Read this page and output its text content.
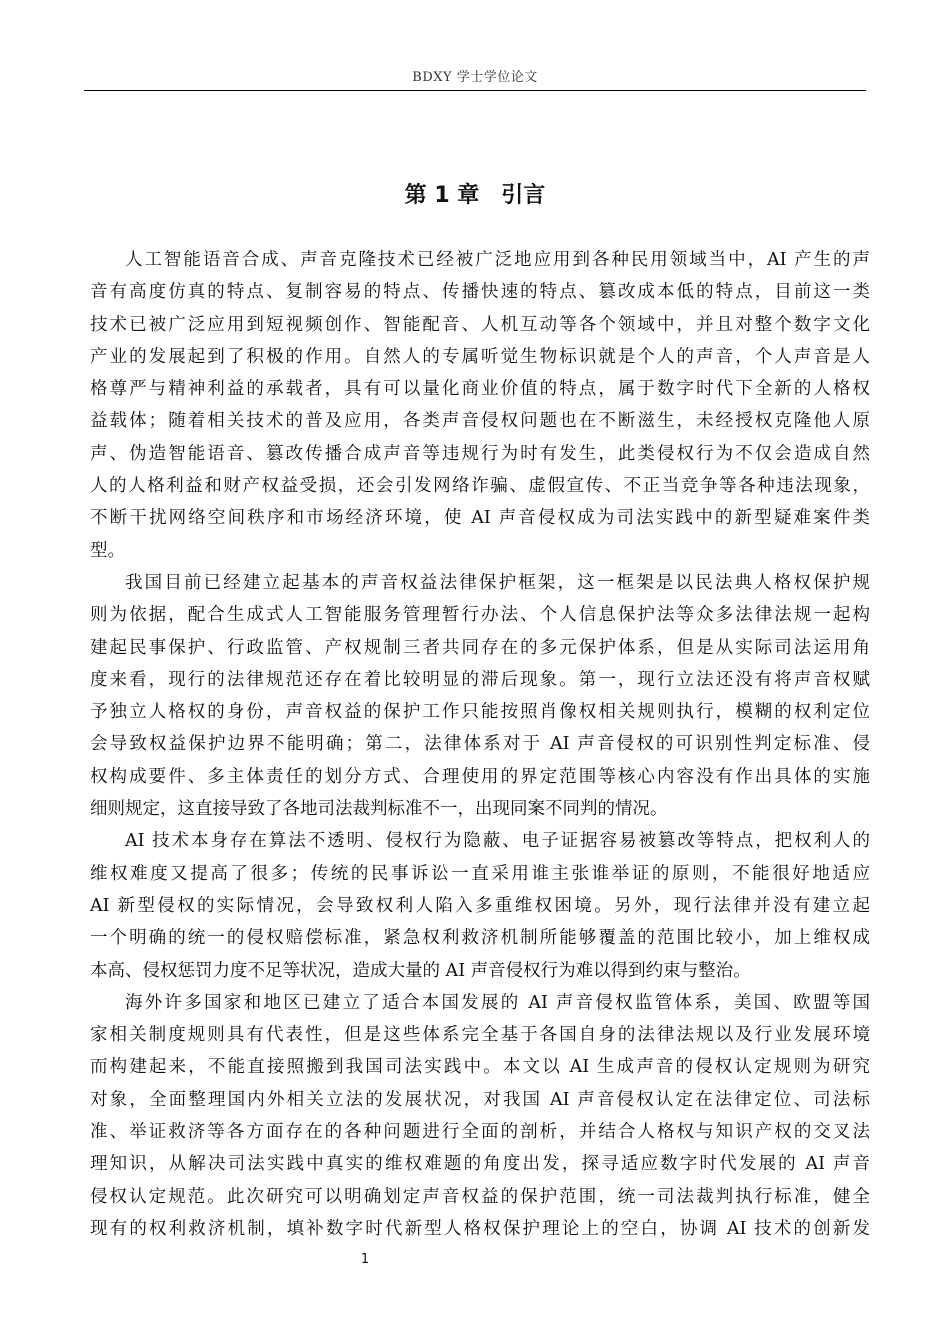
BDXY 学士学位论文
第 1 章　引言
人工智能语音合成、声音克隆技术已经被广泛地应用到各种民用领域当中，AI 产生的声
音有高度仿真的特点、复制容易的特点、传播快速的特点、篡改成本低的特点，目前这一类
技术已被广泛应用到短视频创作、智能配音、人机互动等各个领域中，并且对整个数字文化
产业的发展起到了积极的作用。自然人的专属听觉生物标识就是个人的声音，个人声音是人
格尊严与精神利益的承载者，具有可以量化商业价值的特点，属于数字时代下全新的人格权
益载体；随着相关技术的普及应用，各类声音侵权问题也在不断滋生，未经授权克隆他人原
声、伪造智能语音、篡改传播合成声音等违规行为时有发生，此类侵权行为不仅会造成自然
人的人格利益和财产权益受损，还会引发网络诈骗、虚假宣传、不正当竞争等各种违法现象，
不断干扰网络空间秩序和市场经济环境，使 AI 声音侵权成为司法实践中的新型疑难案件类
型。
我国目前已经建立起基本的声音权益法律保护框架，这一框架是以民法典人格权保护规
则为依据，配合生成式人工智能服务管理暂行办法、个人信息保护法等众多法律法规一起构
建起民事保护、行政监管、产权规制三者共同存在的多元保护体系，但是从实际司法运用角
度来看，现行的法律规范还存在着比较明显的滞后现象。第一，现行立法还没有将声音权赋
予独立人格权的身份，声音权益的保护工作只能按照肖像权相关规则执行，模糊的权利定位
会导致权益保护边界不能明确；第二，法律体系对于 AI 声音侵权的可识别性判定标准、侵
权构成要件、多主体责任的划分方式、合理使用的界定范围等核心内容没有作出具体的实施
细则规定，这直接导致了各地司法裁判标准不一，出现同案不同判的情况。
AI 技术本身存在算法不透明、侵权行为隐蔽、电子证据容易被篡改等特点，把权利人的
维权难度又提高了很多；传统的民事诉讼一直采用谁主张谁举证的原则，不能很好地适应
AI 新型侵权的实际情况，会导致权利人陷入多重维权困境。另外，现行法律并没有建立起
一个明确的统一的侵权赔偿标准，紧急权利救济机制所能够覆盖的范围比较小，加上维权成
本高、侵权惩罚力度不足等状况，造成大量的 AI 声音侵权行为难以得到约束与整治。
海外许多国家和地区已建立了适合本国发展的 AI 声音侵权监管体系，美国、欧盟等国
家相关制度规则具有代表性，但是这些体系完全基于各国自身的法律法规以及行业发展环境
而构建起来，不能直接照搬到我国司法实践中。本文以 AI 生成声音的侵权认定规则为研究
对象，全面整理国内外相关立法的发展状况，对我国 AI 声音侵权认定在法律定位、司法标
准、举证救济等各方面存在的各种问题进行全面的剖析，并结合人格权与知识产权的交叉法
理知识，从解决司法实践中真实的维权难题的角度出发，探寻适应数字时代发展的 AI 声音
侵权认定规范。此次研究可以明确划定声音权益的保护范围，统一司法裁判执行标准，健全
现有的权利救济机制，填补数字时代新型人格权保护理论上的空白，协调 AI 技术的创新发
1
